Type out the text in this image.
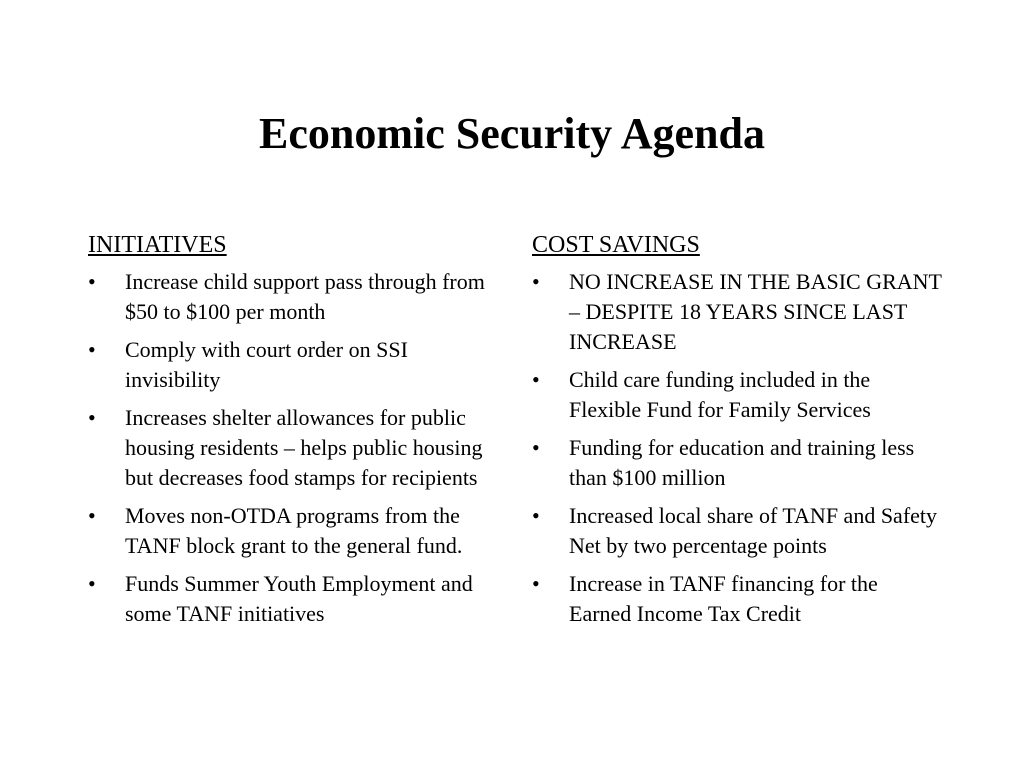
Economic Security Agenda
INITIATIVES
•	Increase child support pass through from $50 to $100 per month
•	Comply with court order on SSI invisibility
•	Increases shelter allowances for public housing residents – helps public housing but decreases food stamps for recipients
•	Moves non-OTDA programs from the TANF block grant to the general fund.
•	Funds Summer Youth Employment and some TANF initiatives
COST SAVINGS
•	NO INCREASE IN THE BASIC GRANT – DESPITE 18 YEARS SINCE LAST INCREASE
•	Child care funding included in the Flexible Fund for Family Services
•	Funding for education and training less than $100 million
•	Increased local share of TANF and Safety Net by two percentage points
•	Increase in TANF financing for the Earned Income Tax Credit
